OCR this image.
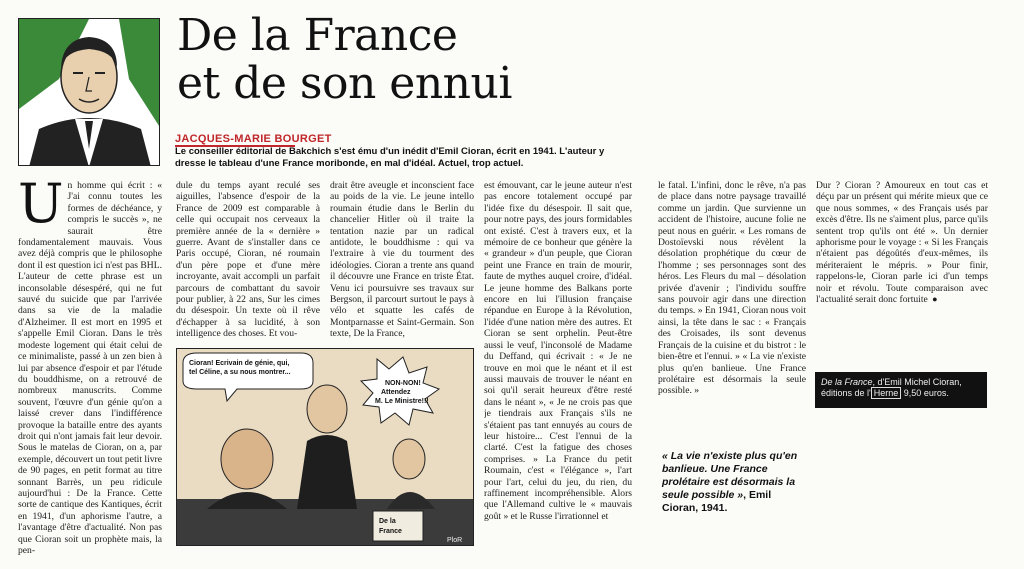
De la France
et de son ennui
JACQUES-MARIE BOURGET
Le conseiller éditorial de Bakchich s'est ému d'un inédit d'Emil Cioran, écrit en 1941. L'auteur y dresse le tableau d'une France moribonde, en mal d'idéal. Actuel, trop actuel.
U n homme qui écrit : « J'ai connu toutes les formes de déchéance, y compris le succès », ne saurait être fondamentalement mauvais. Vous avez déjà compris que le philosophe dont il est question ici n'est pas BHL. L'auteur de cette phrase est un inconsolable désespéré, qui ne fut sauvé du suicide que par l'arrivée dans sa vie de la maladie d'Alzheimer. Il est mort en 1995 et s'appelle Emil Cioran. Dans le très modeste logement qui était celui de ce minimaliste, passé à un zen bien à lui par absence d'espoir et par l'étude du bouddhisme, on a retrouvé de nombreux manuscrits. Comme souvent, l'œuvre d'un génie qu'on a laissé crever dans l'indifférence provoque la bataille entre des ayants droit qui n'ont jamais fait leur devoir. Sous le matelas de Cioran, on a, par exemple, découvert un tout petit livre de 90 pages, en petit format au titre sonnant Barrès, un peu ridicule aujourd'hui : De la France. Cette sorte de cantique des Kantiques, écrit en 1941, d'un aphorisme l'autre, a l'avantage d'être d'actualité. Non pas que Cioran soit un prophète mais, la pen-
dule du temps ayant reculé ses aiguilles, l'absence d'espoir de la France de 2009 est comparable à celle qui occupait nos cerveaux la première année de la « dernière » guerre. Avant de s'installer dans ce Paris occupé, Cioran, né roumain d'un père pope et d'une mère incroyante, avait accompli un parfait parcours de combattant du savoir pour publier, à 22 ans, Sur les cimes du désespoir. Un texte où il rêve d'échapper à sa lucidité, à son intelligence des choses. Et vou-
drait être aveugle et inconscient face au poids de la vie. Le jeune intello roumain étudie dans le Berlin du chancelier Hitler où il traite la tentation nazie par un radical antidote, le bouddhisme : qui va l'extraire à vie du tourment des idéologies. Cioran a trente ans quand il découvre une France en triste État. Venu ici poursuivre ses travaux sur Bergson, il parcourt surtout le pays à vélo et squatte les cafés de Montparnasse et Saint-Germain. Son texte, De la France,
Cioran! Ecrivain de génie, qui, tel Céline, a su nous montrer...
NON-NON! Attendez M. Le Ministre!!!
De la
France
PloR
est émouvant, car le jeune auteur n'est pas encore totalement occupé par l'idée fixe du désespoir. Il sait que, pour notre pays, des jours formidables ont existé. C'est à travers eux, et la mémoire de ce bonheur que génère la « grandeur » d'un peuple, que Cioran peint une France en train de mourir, faute de mythes auquel croire, d'idéal. Le jeune homme des Balkans porte encore en lui l'illusion française répandue en Europe à la Révolution, l'idée d'une nation mère des autres. Et Cioran se sent orphelin. Peut-être aussi le veuf, l'inconsolé de Madame du Deffand, qui écrivait : « Je ne trouve en moi que le néant et il est aussi mauvais de trouver le néant en soi qu'il serait heureux d'être resté dans le néant », « Je ne crois pas que je tiendrais aux Français s'ils ne s'étaient pas tant ennuyés au cours de leur histoire... C'est l'ennui de la clarté. C'est la fatigue des choses comprises. » La France du petit Roumain, c'est « l'élégance », l'art pour l'art, celui du jeu, du rien, du raffinement incompréhensible. Alors que l'Allemand cultive le « mauvais goût » et le Russe l'irrationnel et
le fatal. L'infini, donc le rêve, n'a pas de place dans notre paysage travaillé comme un jardin. Que survienne un accident de l'histoire, aucune folie ne peut nous en guérir. « Les romans de Dostoïevski nous révèlent la désolation prophétique du cœur de l'homme ; ses personnages sont des héros. Les Fleurs du mal – désolation privée d'avenir ; l'individu souffre sans pouvoir agir dans une direction du temps. » En 1941, Cioran nous voit ainsi, la tête dans le sac : « Français des Croisades, ils sont devenus Français de la cuisine et du bistrot : le bien-être et l'ennui. » « La vie n'existe plus qu'en banlieue. Une France prolétaire est désormais la seule possible. »
Dur ? Cioran ? Amoureux en tout cas et déçu par un présent qui mérite mieux que ce que nous sommes, « des Français usés par excès d'être. Ils ne s'aiment plus, parce qu'ils sentent trop qu'ils ont été ». Un dernier aphorisme pour le voyage : « Si les Français n'étaient pas dégoûtés d'eux-mêmes, ils mériteraient le mépris. » Pour finir, rappelons-le, Cioran parle ici d'un temps noir et révolu. Toute comparaison avec l'actualité serait donc fortuite ●
De la France, d'Emil Michel Cioran, éditions de l' Herne 9,50 euros.
« La vie n'existe plus qu'en banlieue. Une France prolétaire est désormais la seule possible », Emil Cioran, 1941.
